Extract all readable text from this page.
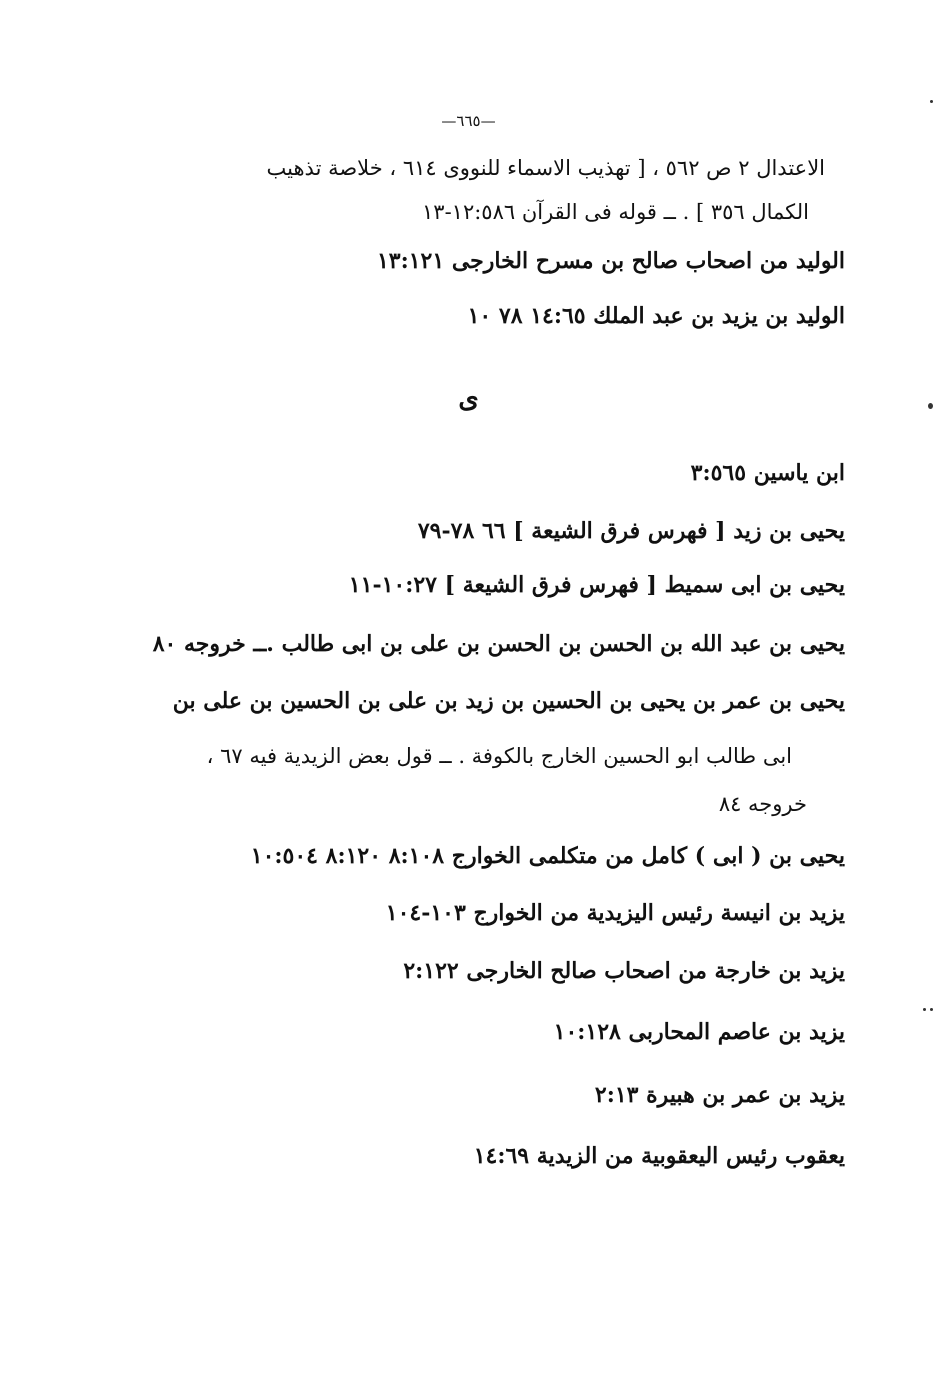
—٦٦٥—
الاعتدال ٢ ص ٥٦٢ ، [ تهذيب الاسماء للنووى ٦١٤ ، خلاصة تذهيب
الكمال ٣٥٦ ] . ــ قوله فى القرآن ١٢:٥٨٦-١٣
الوليد من اصحاب صالح بن مسرح الخارجى ١٣:١٢١
الوليد بن يزيد بن عبد الملك ١٤:٦٥ ٧٨ ١٠
ى
ابن ياسين ٣:٥٦٥
يحيى بن زيد [ فهرس فرق الشيعة ] ٦٦ ٧٨-٧٩
يحيى بن ابى سميط [ فهرس فرق الشيعة ] ١٠:٢٧-١١
يحيى بن عبد الله بن الحسن بن الحسن بن على بن ابى طالب .ــ خروجه ٨٠
يحيى بن عمر بن يحيى بن الحسين بن زيد بن على بن الحسين بن على بن
ابى طالب ابو الحسين الخارج بالكوفة . ــ قول بعض الزيدية فيه ٦٧ ،
خروجه ٨٤
يحيى بن ( ابى ) كامل من متكلمى الخوارج ٨:١٠٨ ٨:١٢٠ ١٠:٥٠٤
يزيد بن انيسة رئيس اليزيدية من الخوارج ١٠٣-١٠٤
يزيد بن خارجة من اصحاب صالح الخارجى ٢:١٢٢
يزيد بن عاصم المحاربى ١٠:١٢٨
يزيد بن عمر بن هبيرة ٢:١٣
يعقوب رئيس اليعقوبية من الزيدية ١٤:٦٩
